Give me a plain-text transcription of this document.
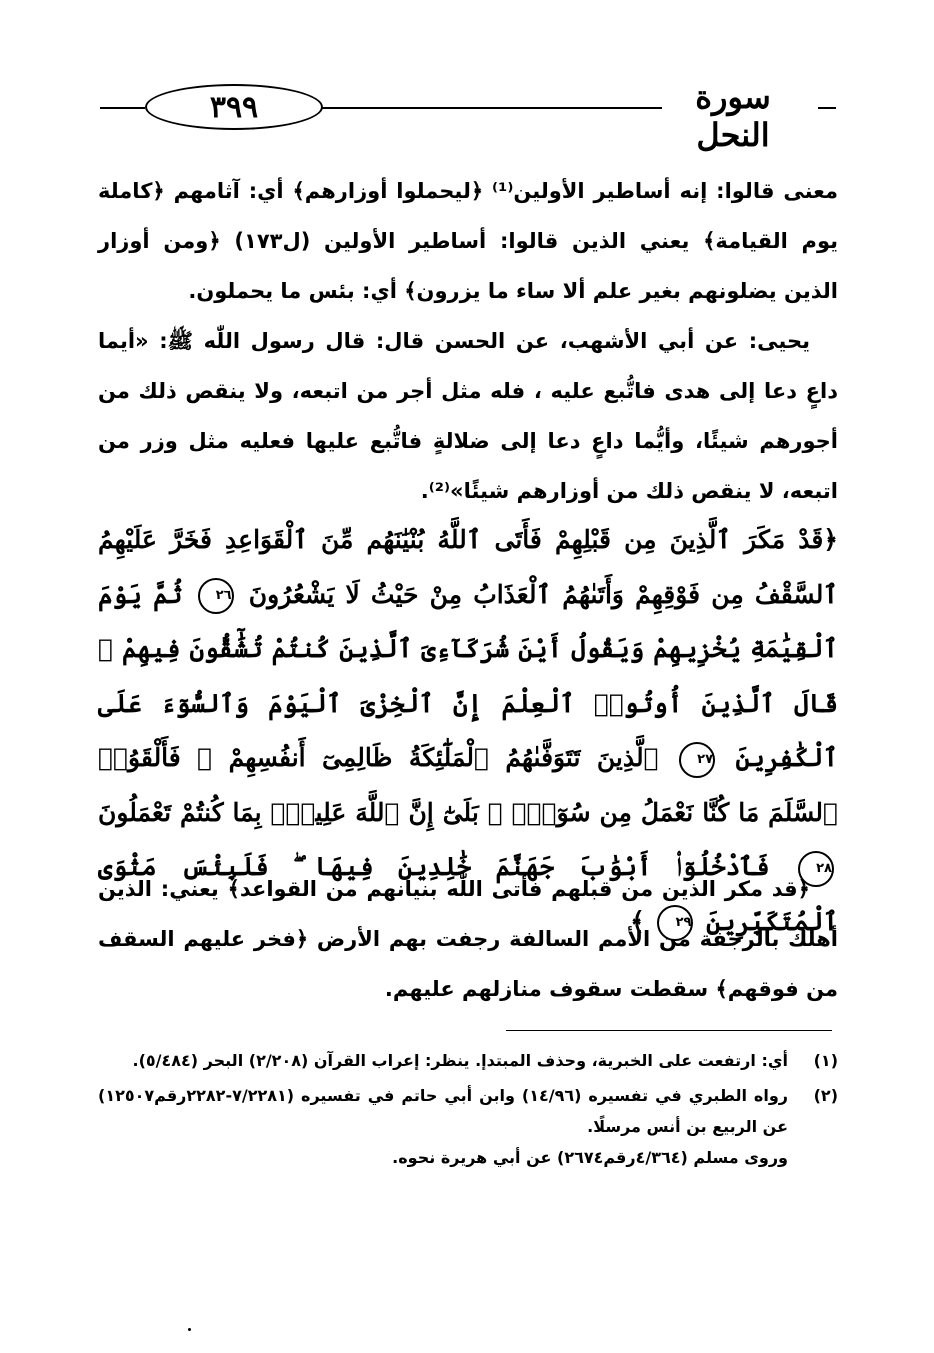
٣٩٩	سورة النحل

معنى قالوا: إنه أساطير الأولين⁽¹⁾ ﴿ليحملوا أوزارهم﴾ أي: آثامهم ﴿كاملة يوم القيامة﴾ يعني الذين قالوا: أساطير الأولين (ل١٧٣) ﴿ومن أوزار الذين يضلونهم بغير علم ألا ساء ما يزرون﴾ أي: بئس ما يحملون.

يحيى: عن أبي الأشهب، عن الحسن قال: قال رسول اللّٰه ﷺ: «أيما داعٍ دعا إلى هدى فاتُّبع عليه ، فله مثل أجر من اتبعه، ولا ينقص ذلك من أجورهم شيئًا، وأيُّما داعٍ دعا إلى ضلالةٍ فاتُّبع عليها فعليه مثل وزر من اتبعه، لا ينقص ذلك من أوزارهم شيئًا»⁽²⁾.

﴿قَدْ مَكَرَ ٱلَّذِينَ مِن قَبْلِهِمْ فَأَتَى ٱللَّهُ بُنْيَٰنَهُم مِّنَ ٱلْقَوَاعِدِ فَخَرَّ عَلَيْهِمُ ٱلسَّقْفُ مِن فَوْقِهِمْ وَأَتَىٰهُمُ ٱلْعَذَابُ مِنْ حَيْثُ لَا يَشْعُرُونَ ٢٦ ثُمَّ يَوْمَ ٱلْقِيَٰمَةِ يُخْزِيهِمْ وَيَقُولُ أَيْنَ شُرَكَآءِىَ ٱلَّذِينَ كُنتُمْ تُشَٰٓقُّونَ فِيهِمْ ۚ قَالَ ٱلَّذِينَ أُوتُوا۟ ٱلْعِلْمَ إِنَّ ٱلْخِزْىَ ٱلْيَوْمَ وَٱلسُّوٓءَ عَلَى ٱلْكَٰفِرِينَ ٢٧ ٱلَّذِينَ تَتَوَفَّىٰهُمُ ٱلْمَلَٰٓئِكَةُ ظَالِمِىٓ أَنفُسِهِمْ ۖ فَأَلْقَوُا۟ ٱلسَّلَمَ مَا كُنَّا نَعْمَلُ مِن سُوٓءٍۭ ۚ بَلَىٰٓ إِنَّ ٱللَّهَ عَلِيمٌۢ بِمَا كُنتُمْ تَعْمَلُونَ ٢٨ فَٱدْخُلُوٓا۟ أَبْوَٰبَ جَهَنَّمَ خَٰلِدِينَ فِيهَا ۖ فَلَبِئْسَ مَثْوَى ٱلْمُتَكَبِّرِينَ ٢٩ ﴾

﴿قد مكر الذين من قبلهم فأتى اللّٰه بنيانهم من القواعد﴾ يعني: الذين أهلك بالرجفة من الأمم السالفة رجفت بهم الأرض ﴿فخر عليهم السقف من فوقهم﴾ سقطت سقوف منازلهم عليهم.

(١)
أي: ارتفعت على الخبرية، وحذف المبتدإ. ينظر: إعراب القرآن (٢/٢٠٨) البحر (٥/٤٨٤).
(٢)
رواه الطبري في تفسيره (١٤/٩٦) وابن أبي حاتم في تفسيره (٧/٢٢٨١-٢٢٨٢رقم١٢٥٠٧) عن الربيع بن أنس مرسلًا.
وروى مسلم (٤/٣٦٤رقم٢٦٧٤) عن أبي هريرة نحوه.
